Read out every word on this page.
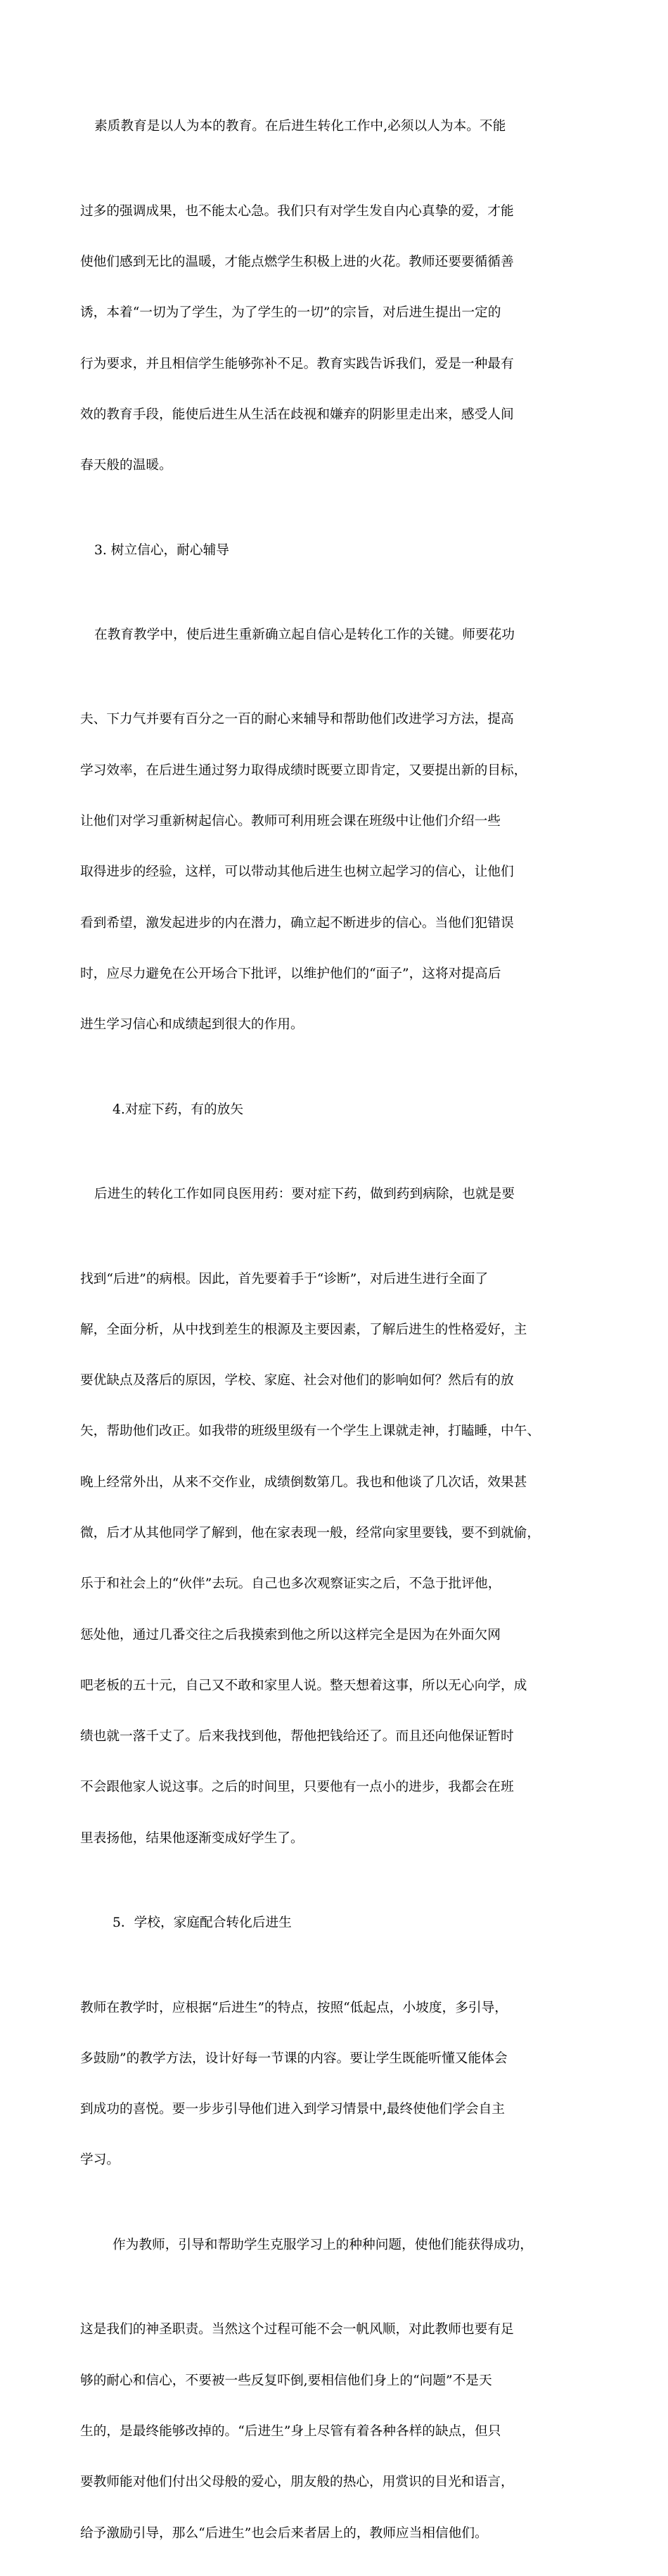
素质教育是以人为本的教育。在后进生转化工作中,必须以人为本。不能

过多的强调成果，也不能太心急。我们只有对学生发自内心真挚的爱，才能

使他们感到无比的温暖，才能点燃学生积极上进的火花。教师还要要循循善

诱，本着“一切为了学生，为了学生的一切”的宗旨，对后进生提出一定的

行为要求，并且相信学生能够弥补不足。教育实践告诉我们，爱是一种最有

效的教育手段，能使后进生从生活在歧视和嫌弃的阴影里走出来，感受人间

春天般的温暖。

3. 树立信心，耐心辅导

在教育教学中，使后进生重新确立起自信心是转化工作的关键。师要花功

夫、下力气并要有百分之一百的耐心来辅导和帮助他们改进学习方法，提高

学习效率，在后进生通过努力取得成绩时既要立即肯定，又要提出新的目标，

让他们对学习重新树起信心。教师可利用班会课在班级中让他们介绍一些

取得进步的经验，这样，可以带动其他后进生也树立起学习的信心，让他们

看到希望，激发起进步的内在潜力，确立起不断进步的信心。当他们犯错误

时，应尽力避免在公开场合下批评，以维护他们的“面子”，这将对提高后

进生学习信心和成绩起到很大的作用。

4.对症下药，有的放矢

后进生的转化工作如同良医用药：要对症下药，做到药到病除，也就是要

找到“后进”的病根。因此，首先要着手于“诊断”，对后进生进行全面了

解，全面分析，从中找到差生的根源及主要因素，了解后进生的性格爱好，主

要优缺点及落后的原因，学校、家庭、社会对他们的影响如何？然后有的放

矢，帮助他们改正。如我带的班级里级有一个学生上课就走神，打瞌睡，中午、

晚上经常外出，从来不交作业，成绩倒数第几。我也和他谈了几次话，效果甚

微，后才从其他同学了解到，他在家表现一般，经常向家里要钱，要不到就偷，

乐于和社会上的“伙伴”去玩。自己也多次观察证实之后，不急于批评他，

惩处他，通过几番交往之后我摸索到他之所以这样完全是因为在外面欠网

吧老板的五十元，自己又不敢和家里人说。整天想着这事，所以无心向学，成

绩也就一落千丈了。后来我找到他，帮他把钱给还了。而且还向他保证暂时

不会跟他家人说这事。之后的时间里，只要他有一点小的进步，我都会在班

里表扬他，结果他逐渐变成好学生了。

5．学校，家庭配合转化后进生

教师在教学时，应根据“后进生”的特点，按照“低起点，小坡度，多引导，

多鼓励”的教学方法，设计好每一节课的内容。要让学生既能听懂又能体会

到成功的喜悦。要一步步引导他们进入到学习情景中,最终使他们学会自主

学习。

作为教师，引导和帮助学生克服学习上的种种问题，使他们能获得成功，

这是我们的神圣职责。当然这个过程可能不会一帆风顺，对此教师也要有足

够的耐心和信心，不要被一些反复吓倒,要相信他们身上的“问题”不是天

生的，是最终能够改掉的。“后进生”身上尽管有着各种各样的缺点，但只

要教师能对他们付出父母般的爱心，朋友般的热心，用赏识的目光和语言，

给予激励引导，那么“后进生”也会后来者居上的，教师应当相信他们。
